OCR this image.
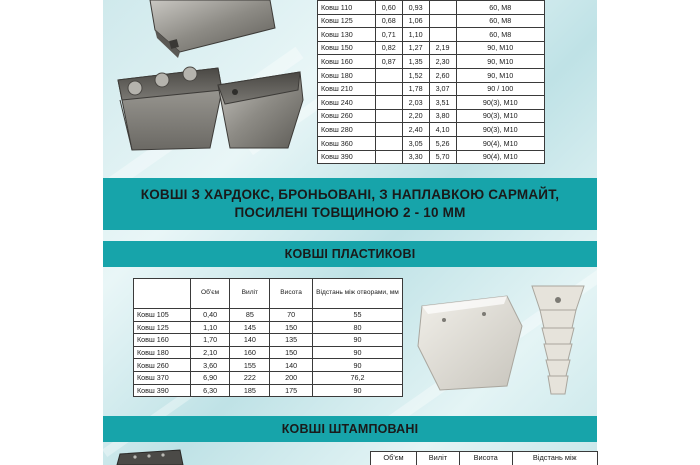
Ковш 110	0,60	0,93		60, М8
Ковш 125	0,68	1,06		60, М8
Ковш 130	0,71	1,10		60, М8
Ковш 150	0,82	1,27	2,19	90, М10
Ковш 160	0,87	1,35	2,30	90, М10
Ковш 180		1,52	2,60	90, М10
Ковш 210		1,78	3,07	90 / 100
Ковш 240		2,03	3,51	90(3), М10
Ковш 260		2,20	3,80	90(3), М10
Ковш 280		2,40	4,10	90(3), М10
Ковш 360		3,05	5,26	90(4), М10
Ковш 390		3,30	5,70	90(4), М10
КОВШІ З ХАРДОКС, БРОНЬОВАНІ, З НАПЛАВКОЮ САРМАЙТ,
ПОСИЛЕНІ ТОВЩИНОЮ 2 - 10 ММ
КОВШІ ПЛАСТИКОВІ
	Об'єм	Виліт	Висота	Відстань між отворами, мм
Ковш 105	0,40	85	70	55
Ковш 125	1,10	145	150	80
Ковш 160	1,70	140	135	90
Ковш 180	2,10	160	150	90
Ковш 260	3,60	155	140	90
Ковш 370	6,90	222	200	76,2
Ковш 390	6,30	185	175	90
КОВШІ ШТАМПОВАНІ
Об'єм	Виліт	Висота	Відстань між
